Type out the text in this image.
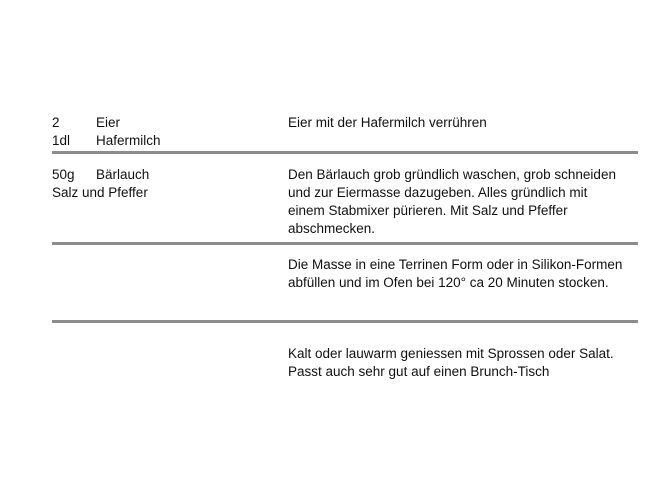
2	Eier
1dl Hafermilch
Eier mit der Hafermilch verrühren
50g Bärlauch
Salz und Pfeffer
Den Bärlauch grob gründlich waschen, grob schneiden
und zur Eiermasse dazugeben. Alles gründlich mit
einem Stabmixer pürieren. Mit Salz und Pfeffer
abschmecken.
Die Masse in eine Terrinen Form oder in Silikon-Formen
abfüllen und im Ofen bei 120° ca 20 Minuten stocken.
Kalt oder lauwarm geniessen mit Sprossen oder Salat.
Passt auch sehr gut auf einen Brunch-Tisch
